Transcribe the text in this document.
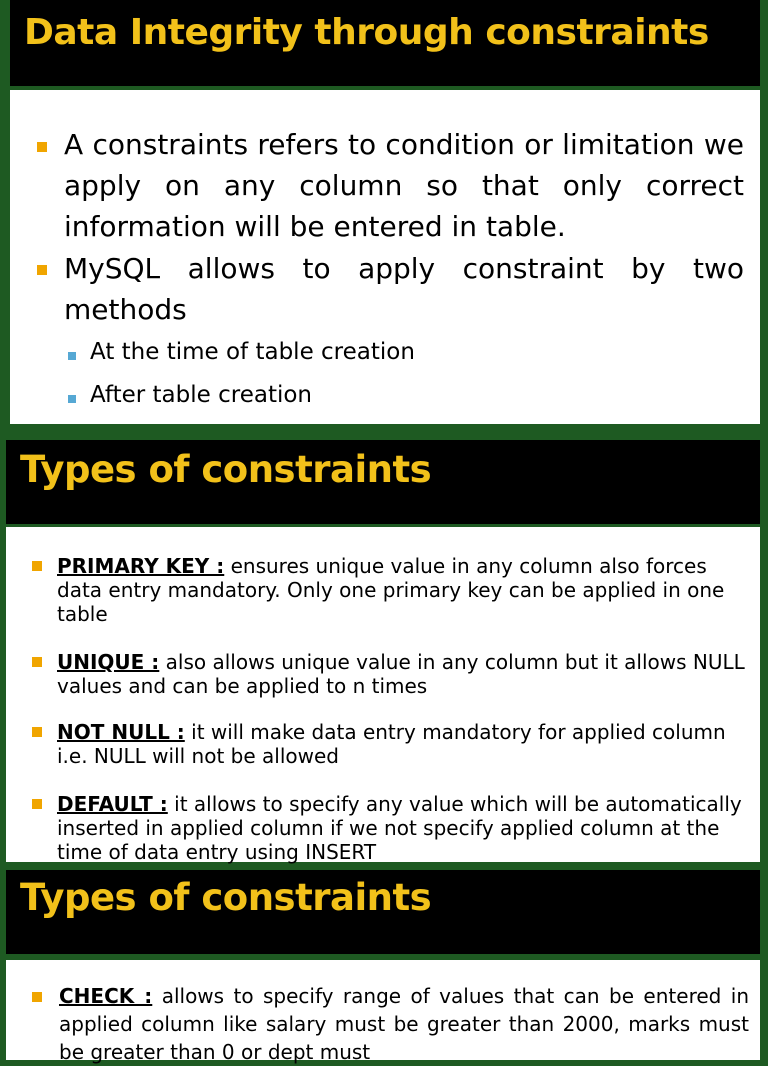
Data Integrity through constraints
A constraints refers to condition or limitation we apply on any column so that only correct information will be entered in table.
MySQL allows to apply constraint by two methods
At the time of table creation
After table creation
Types of constraints
PRIMARY KEY : ensures unique value in any column also forces data entry mandatory. Only one primary key can be applied in one table
UNIQUE : also allows unique value in any column but it allows NULL values and can be applied to n times
NOT NULL : it will make data entry mandatory for applied column i.e. NULL will not be allowed
DEFAULT : it allows to specify any value which will be automatically inserted in applied column if we not specify applied column at the time of data entry using INSERT
Types of constraints
CHECK : allows to specify range of values that can be entered in applied column like salary must be greater than 2000, marks must be greater than 0 or dept must
